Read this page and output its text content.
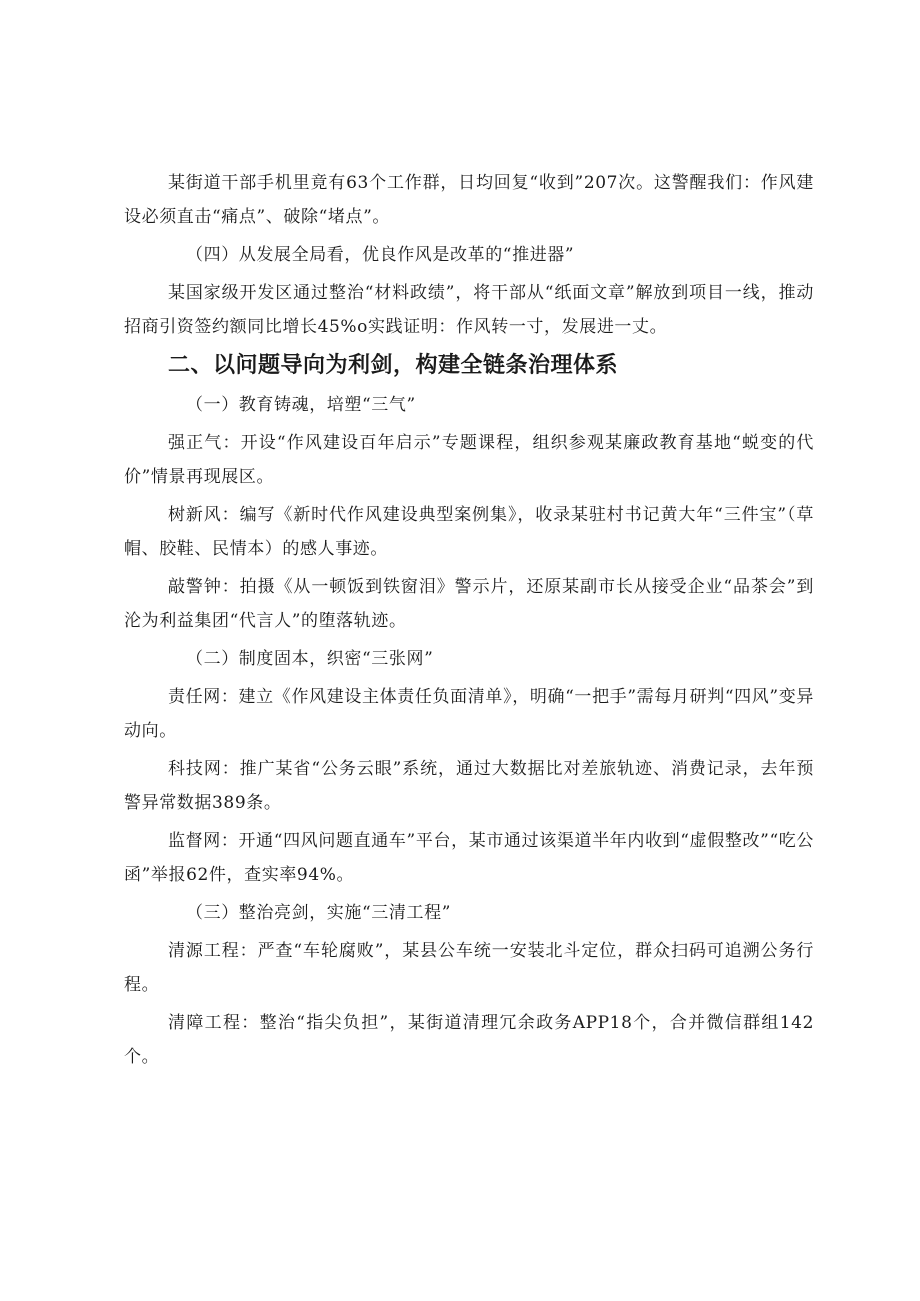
某街道干部手机里竟有63个工作群，日均回复“收到”207次。这警醒我们：作风建设必须直击“痛点”、破除“堵点”。

（四）从发展全局看，优良作风是改革的“推进器”

某国家级开发区通过整治“材料政绩”，将干部从“纸面文章”解放到项目一线，推动招商引资签约额同比增长45%o实践证明：作风转一寸，发展进一丈。

二、以问题导向为利剑，构建全链条治理体系

（一）教育铸魂，培塑“三气”

强正气：开设“作风建设百年启示”专题课程，组织参观某廉政教育基地“蜕变的代价”情景再现展区。

树新风：编写《新时代作风建设典型案例集》，收录某驻村书记黄大年“三件宝”（草帽、胶鞋、民情本）的感人事迹。

敲警钟：拍摄《从一顿饭到铁窗泪》警示片，还原某副市长从接受企业“品茶会”到沦为利益集团“代言人”的堕落轨迹。

（二）制度固本，织密“三张网”

责任网：建立《作风建设主体责任负面清单》，明确“一把手”需每月研判“四风”变异动向。

科技网：推广某省“公务云眼”系统，通过大数据比对差旅轨迹、消费记录，去年预警异常数据389条。

监督网：开通“四风问题直通车”平台，某市通过该渠道半年内收到“虚假整改”“吃公函”举报62件，查实率94%。

（三）整治亮剑，实施“三清工程”

清源工程：严查“车轮腐败”，某县公车统一安装北斗定位，群众扫码可追溯公务行程。

清障工程：整治“指尖负担”，某街道清理冗余政务APP18个，合并微信群组142个。
